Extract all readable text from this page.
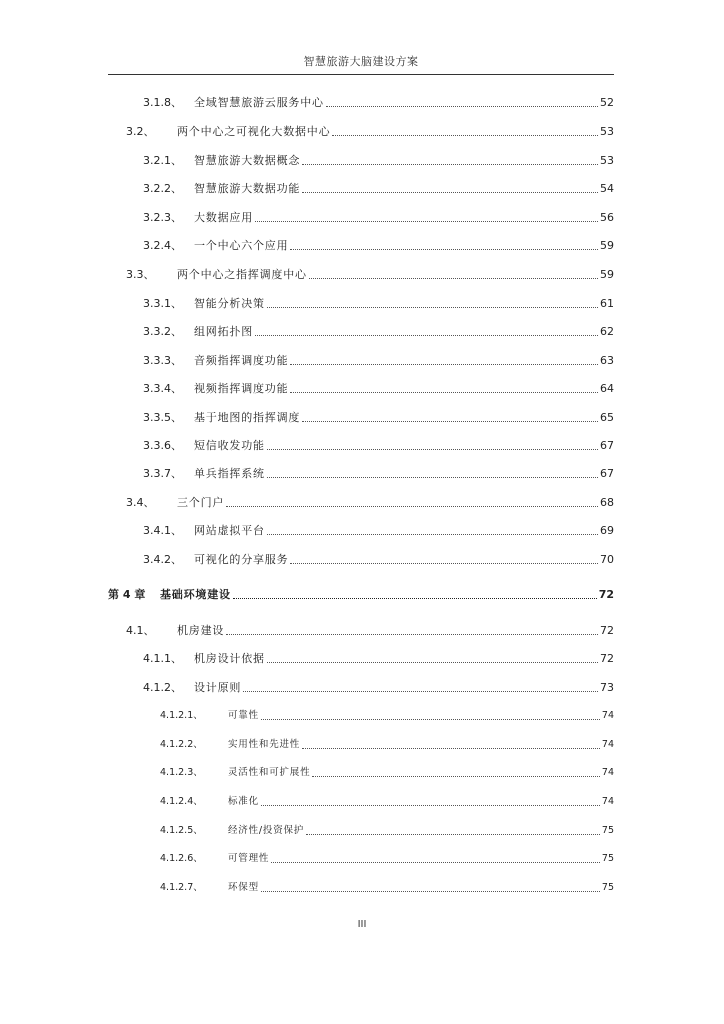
智慧旅游大脑建设方案
3.1.8、	全域智慧旅游云服务中心	52
3.2、	两个中心之可视化大数据中心	53
3.2.1、	智慧旅游大数据概念	53
3.2.2、	智慧旅游大数据功能	54
3.2.3、	大数据应用	56
3.2.4、	一个中心六个应用	59
3.3、	两个中心之指挥调度中心	59
3.3.1、	智能分析决策	61
3.3.2、	组网拓扑图	62
3.3.3、	音频指挥调度功能	63
3.3.4、	视频指挥调度功能	64
3.3.5、	基于地图的指挥调度	65
3.3.6、	短信收发功能	67
3.3.7、	单兵指挥系统	67
3.4、	三个门户	68
3.4.1、	网站虚拟平台	69
3.4.2、	可视化的分享服务	70
第 4 章	基础环境建设	72
4.1、	机房建设	72
4.1.1、	机房设计依据	72
4.1.2、	设计原则	73
4.1.2.1、	可靠性	74
4.1.2.2、	实用性和先进性	74
4.1.2.3、	灵活性和可扩展性	74
4.1.2.4、	标准化	74
4.1.2.5、	经济性/投资保护	75
4.1.2.6、	可管理性	75
4.1.2.7、	环保型	75
III
